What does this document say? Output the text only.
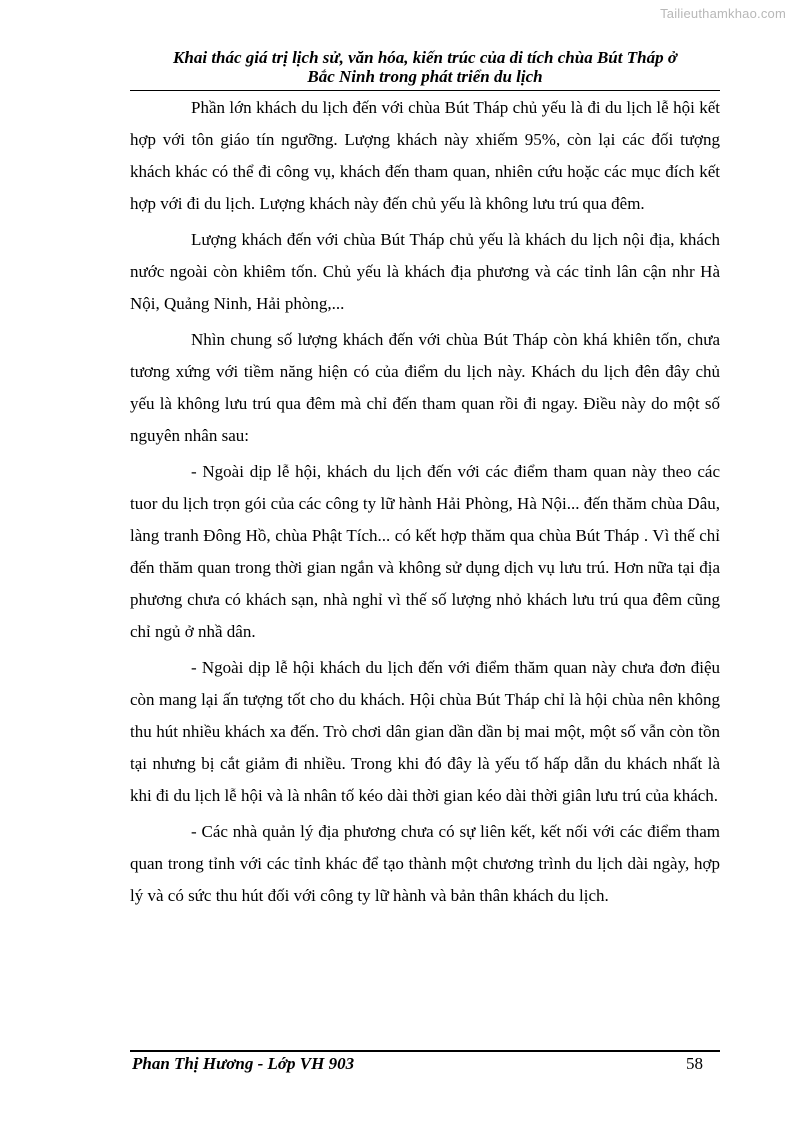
Tailieuthamkhao.com
Khai thác giá trị lịch sử, văn hóa, kiến trúc của di tích chùa Bút Tháp ở
Bắc Ninh trong phát triển du lịch

Phần lớn khách du lịch đến với chùa Bút Tháp chủ yếu là đi du lịch lễ hội kết hợp với tôn giáo tín ngưỡng. Lượng khách này xhiếm 95%, còn lại các đối tượng khách khác có thể đi công vụ, khách đến tham quan, nhiên cứu hoặc các mục đích kết hợp với đi du lịch. Lượng khách này đến chủ yếu là không lưu trú qua đêm.

Lượng khách đến với chùa Bút Tháp chủ yếu là khách du lịch nội địa, khách nước ngoài còn khiêm tốn. Chủ yếu là khách địa phương và các tỉnh lân cận nhr Hà Nội, Quảng Ninh, Hải phòng,...

Nhìn chung số lượng khách đến với chùa Bút Tháp còn khá khiên tốn, chưa tương xứng với tiềm năng hiện có của điểm du lịch này. Khách du lịch đên đây chủ yếu là không lưu trú qua đêm mà chỉ đến tham quan rồi đi ngay. Điều này do một số nguyên nhân sau:

- Ngoài dịp lễ hội, khách du lịch đến với các điểm tham quan này theo các tuor du lịch trọn gói của các công ty lữ hành Hải Phòng, Hà Nội... đến thăm chùa Dâu, làng tranh Đông Hồ, chùa Phật Tích... có kết hợp thăm qua chùa Bút Tháp . Vì thế chỉ đến thăm quan trong thời gian ngắn và không sử dụng dịch vụ lưu trú. Hơn nữa tại địa phương chưa có khách sạn, nhà nghỉ vì thế số lượng nhỏ khách lưu trú qua đêm cũng chỉ ngủ ở nhầ dân.

- Ngoài dịp lễ hội khách du lịch đến với điểm thăm quan này chưa đơn điệu còn mang lại ấn tượng tốt cho du khách. Hội chùa Bút Tháp chỉ là hội chùa nên không thu hút nhiều khách xa đến. Trò chơi dân gian dần dần bị mai một, một số vẫn còn tồn tại nhưng bị cắt giảm đi nhiều. Trong khi đó đây là yếu tố hấp dẫn du khách nhất là khi đi du lịch lễ hội và là nhân tố kéo dài thời gian kéo dài thời giân lưu trú của khách.

- Các nhà quản lý địa phương chưa có sự liên kết, kết nối với các điểm tham quan trong tỉnh với các tỉnh khác để tạo thành một chương trình du lịch dài ngày, hợp lý và có sức thu hút đối với công ty lữ hành và bản thân khách du lịch.

Phan Thị Hương - Lớp VH 903	58
